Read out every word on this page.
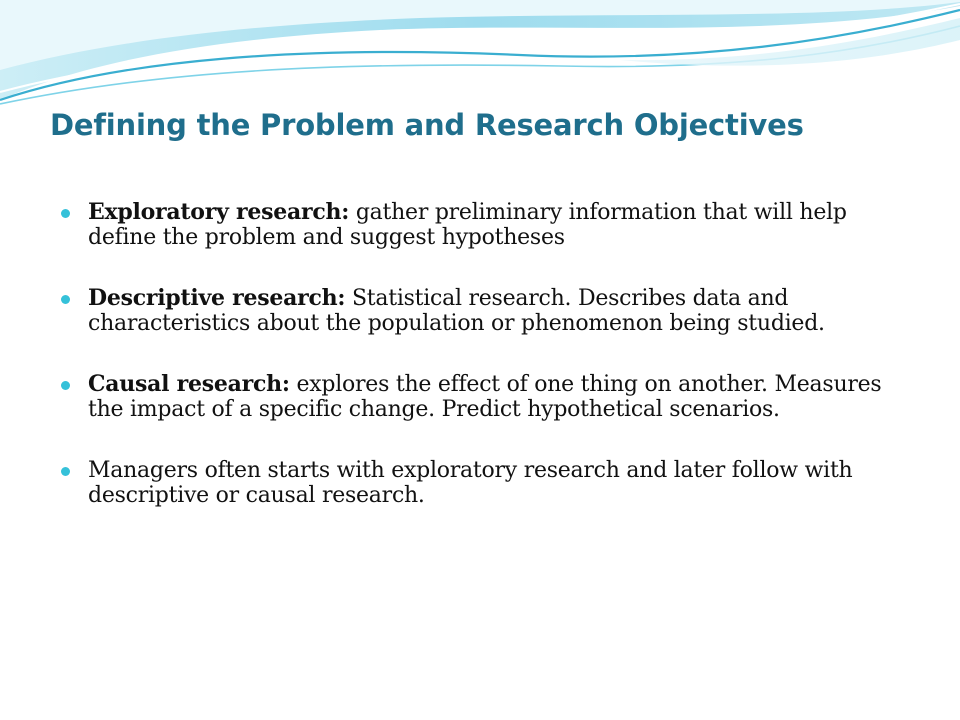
Defining the Problem and Research Objectives
Exploratory research: gather preliminary information that will help define the problem and suggest hypotheses
Descriptive research: Statistical research. Describes data and characteristics about the population or phenomenon being studied.
Causal research: explores the effect of one thing on another. Measures the impact of a specific change. Predict hypothetical scenarios.
Managers often starts with exploratory research and later follow with descriptive or causal research.
